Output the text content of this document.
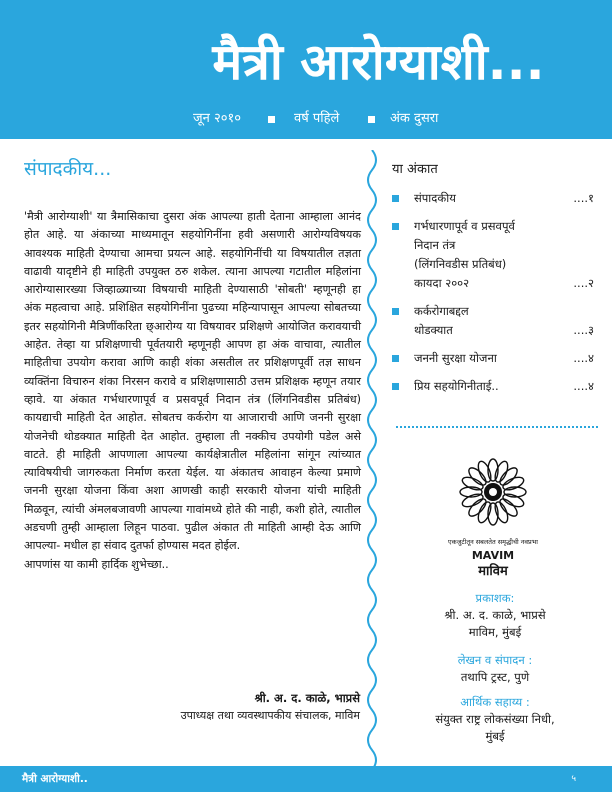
मैत्री आरोग्याशी...
जून २०१०	वर्ष पहिले	अंक दुसरा
संपादकीय...
'मैत्री आरोग्याशी' या त्रैमासिकाचा दुसरा अंक आपल्या हाती देताना आम्हाला आनंद होत आहे. या अंकाच्या माध्यमातून सहयोगिनींना हवी असणारी आरोग्यविषयक आवश्यक माहिती देण्याचा आमचा प्रयत्न आहे. सहयोगिनींची या विषयातील तज्ञता वाढावी यादृष्टीने ही माहिती उपयुक्त ठरु शकेल. त्याना आपल्या गटातील महिलांना आरोग्यासारख्या जिव्हाळ्याच्या विषयाची माहिती देण्यासाठी 'सोबती' म्हणूनही हा अंक महत्वाचा आहे. प्रशिक्षित सहयोगिनींना पुढच्या महिन्यापासून आपल्या सोबतच्या इतर सहयोगिनी मैत्रिणींकरिता छ्आरोग्य या विषयावर प्रशिक्षणे आयोजित करावयाची आहेत. तेव्हा या प्रशिक्षणाची पूर्वतयारी म्हणूनही आपण हा अंक वाचावा, त्यातील माहितीचा उपयोग करावा आणि काही शंका असतील तर प्रशिक्षणपूर्वी तज्ञ साधन व्यक्तिंना विचारुन शंका निरसन करावे व प्रशिक्षणासाठी उत्तम प्रशिक्षक म्हणून तयार व्हावे. या अंकात गर्भधारणापूर्व व प्रसवपूर्व निदान तंत्र (लिंगनिवडीस प्रतिबंध) कायद्याची माहिती देत आहोत. सोबतच कर्करोग या आजाराची आणि जननी सुरक्षा योजनेची थोडक्यात माहिती देत आहोत. तुम्हाला ती नक्कीच उपयोगी पडेल असे वाटते. ही माहिती आपणाला आपल्या कार्यक्षेत्रातील महिलांना सांगून त्यांच्यात त्याविषयीची जागरुकता निर्माण करता येईल. या अंकातच आवाहन केल्या प्रमाणे जननी सुरक्षा योजना किंवा अशा आणखी काही सरकारी योजना यांची माहिती मिळवून, त्यांची अंमलबजावणी आपल्या गावांमध्ये होते की नाही, कशी होते, त्यातील अडचणी तुम्ही आम्हाला लिहून पाठवा. पुढील अंकात ती माहिती आम्ही देऊ आणि आपल्या- मधील हा संवाद दुतर्फा होण्यास मदत होईल.
आपणांस या कामी हार्दिक शुभेच्छा..
श्री. अ. द. काळे, भाप्रसे
उपाध्यक्ष तथा व्यवस्थापकीय संचालक, माविम
या अंकात
संपादकीय	....१
गर्भधारणापूर्व व प्रसवपूर्व
निदान तंत्र
(लिंगनिवडीस प्रतिबंध)
कायदा २००२	....२
कर्करोगाबद्दल
थोडक्यात	....३
जननी सुरक्षा योजना	....४
प्रिय सहयोगिनीताई..	....४
एकजुटीतून सबलतेत समृद्धीची नवप्रभा
MAVIM
माविम
प्रकाशक:
श्री. अ. द. काळे, भाप्रसे
माविम, मुंबई
लेखन व संपादन :
तथापि ट्रस्ट, पुणे
आर्थिक सहाय्य :
संयुक्त राष्ट्र लोकसंख्या निधी,
मुंबई
मैत्री आरोग्याशी..	५
